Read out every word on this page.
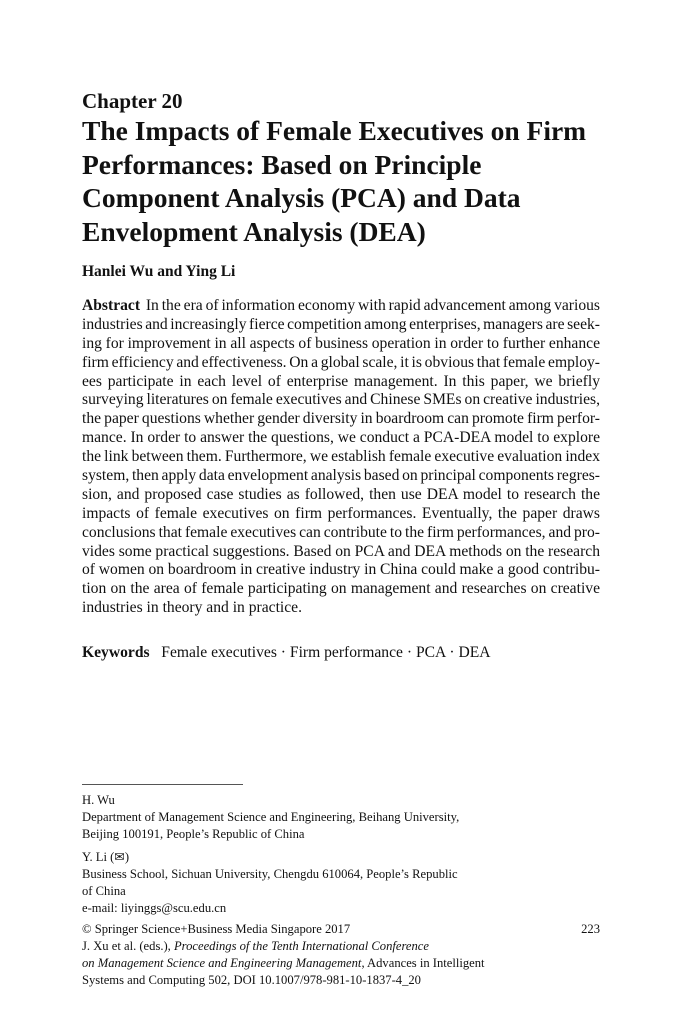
Chapter 20
The Impacts of Female Executives on Firm
Performances: Based on Principle
Component Analysis (PCA) and Data
Envelopment Analysis (DEA)
Hanlei Wu and Ying Li
Abstract In the era of information economy with rapid advancement among various
industries and increasingly fierce competition among enterprises, managers are seek-
ing for improvement in all aspects of business operation in order to further enhance
firm efficiency and effectiveness. On a global scale, it is obvious that female employ-
ees participate in each level of enterprise management. In this paper, we briefly
surveying literatures on female executives and Chinese SMEs on creative industries,
the paper questions whether gender diversity in boardroom can promote firm perfor-
mance. In order to answer the questions, we conduct a PCA-DEA model to explore
the link between them. Furthermore, we establish female executive evaluation index
system, then apply data envelopment analysis based on principal components regres-
sion, and proposed case studies as followed, then use DEA model to research the
impacts of female executives on firm performances. Eventually, the paper draws
conclusions that female executives can contribute to the firm performances, and pro-
vides some practical suggestions. Based on PCA and DEA methods on the research
of women on boardroom in creative industry in China could make a good contribu-
tion on the area of female participating on management and researches on creative
industries in theory and in practice.
Keywords Female executives · Firm performance · PCA · DEA
H. Wu
Department of Management Science and Engineering, Beihang University,
Beijing 100191, People’s Republic of China
Y. Li (✉)
Business School, Sichuan University, Chengdu 610064, People’s Republic
of China
e-mail: liyinggs@scu.edu.cn
© Springer Science+Business Media Singapore 2017	223
J. Xu et al. (eds.), Proceedings of the Tenth International Conference
on Management Science and Engineering Management, Advances in Intelligent
Systems and Computing 502, DOI 10.1007/978-981-10-1837-4_20
